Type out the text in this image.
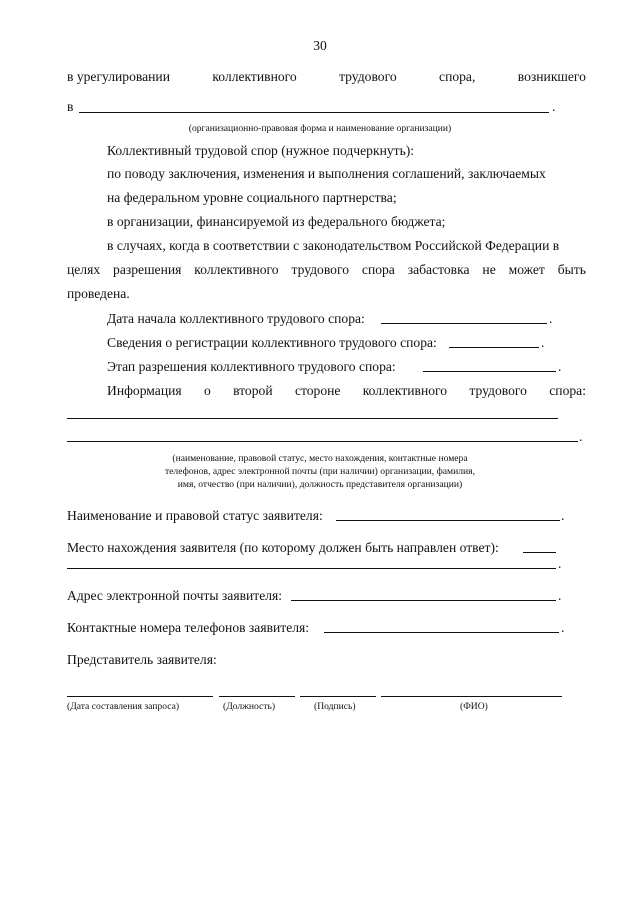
30
в урегулировании	коллективного	трудового	спора,	возникшего
в	.
(организационно-правовая форма и наименование организации)
Коллективный трудовой спор (нужное подчеркнуть):
по поводу заключения, изменения и выполнения соглашений, заключаемых
на федеральном уровне социального партнерства;
в организации, финансируемой из федерального бюджета;
в случаях, когда в соответствии с законодательством Российской Федерации в
целях разрешения коллективного трудового спора забастовка не может быть
проведена.
Дата начала коллективного трудового спора:	.
Сведения о регистрации коллективного трудового спора:	.
Этап разрешения коллективного трудового спора:	.
Информация о второй стороне коллективного трудового спора:
.
(наименование, правовой статус, место нахождения, контактные номера
телефонов, адрес электронной почты (при наличии) организации, фамилия,
имя, отчество (при наличии), должность представителя организации)
Наименование и правовой статус заявителя:	.
Место нахождения заявителя (по которому должен быть направлен ответ):
.
Адрес электронной почты заявителя:	.
Контактные номера телефонов заявителя:	.
Представитель заявителя:
(Дата составления запроса)	(Должность)	(Подпись)	(ФИО)
